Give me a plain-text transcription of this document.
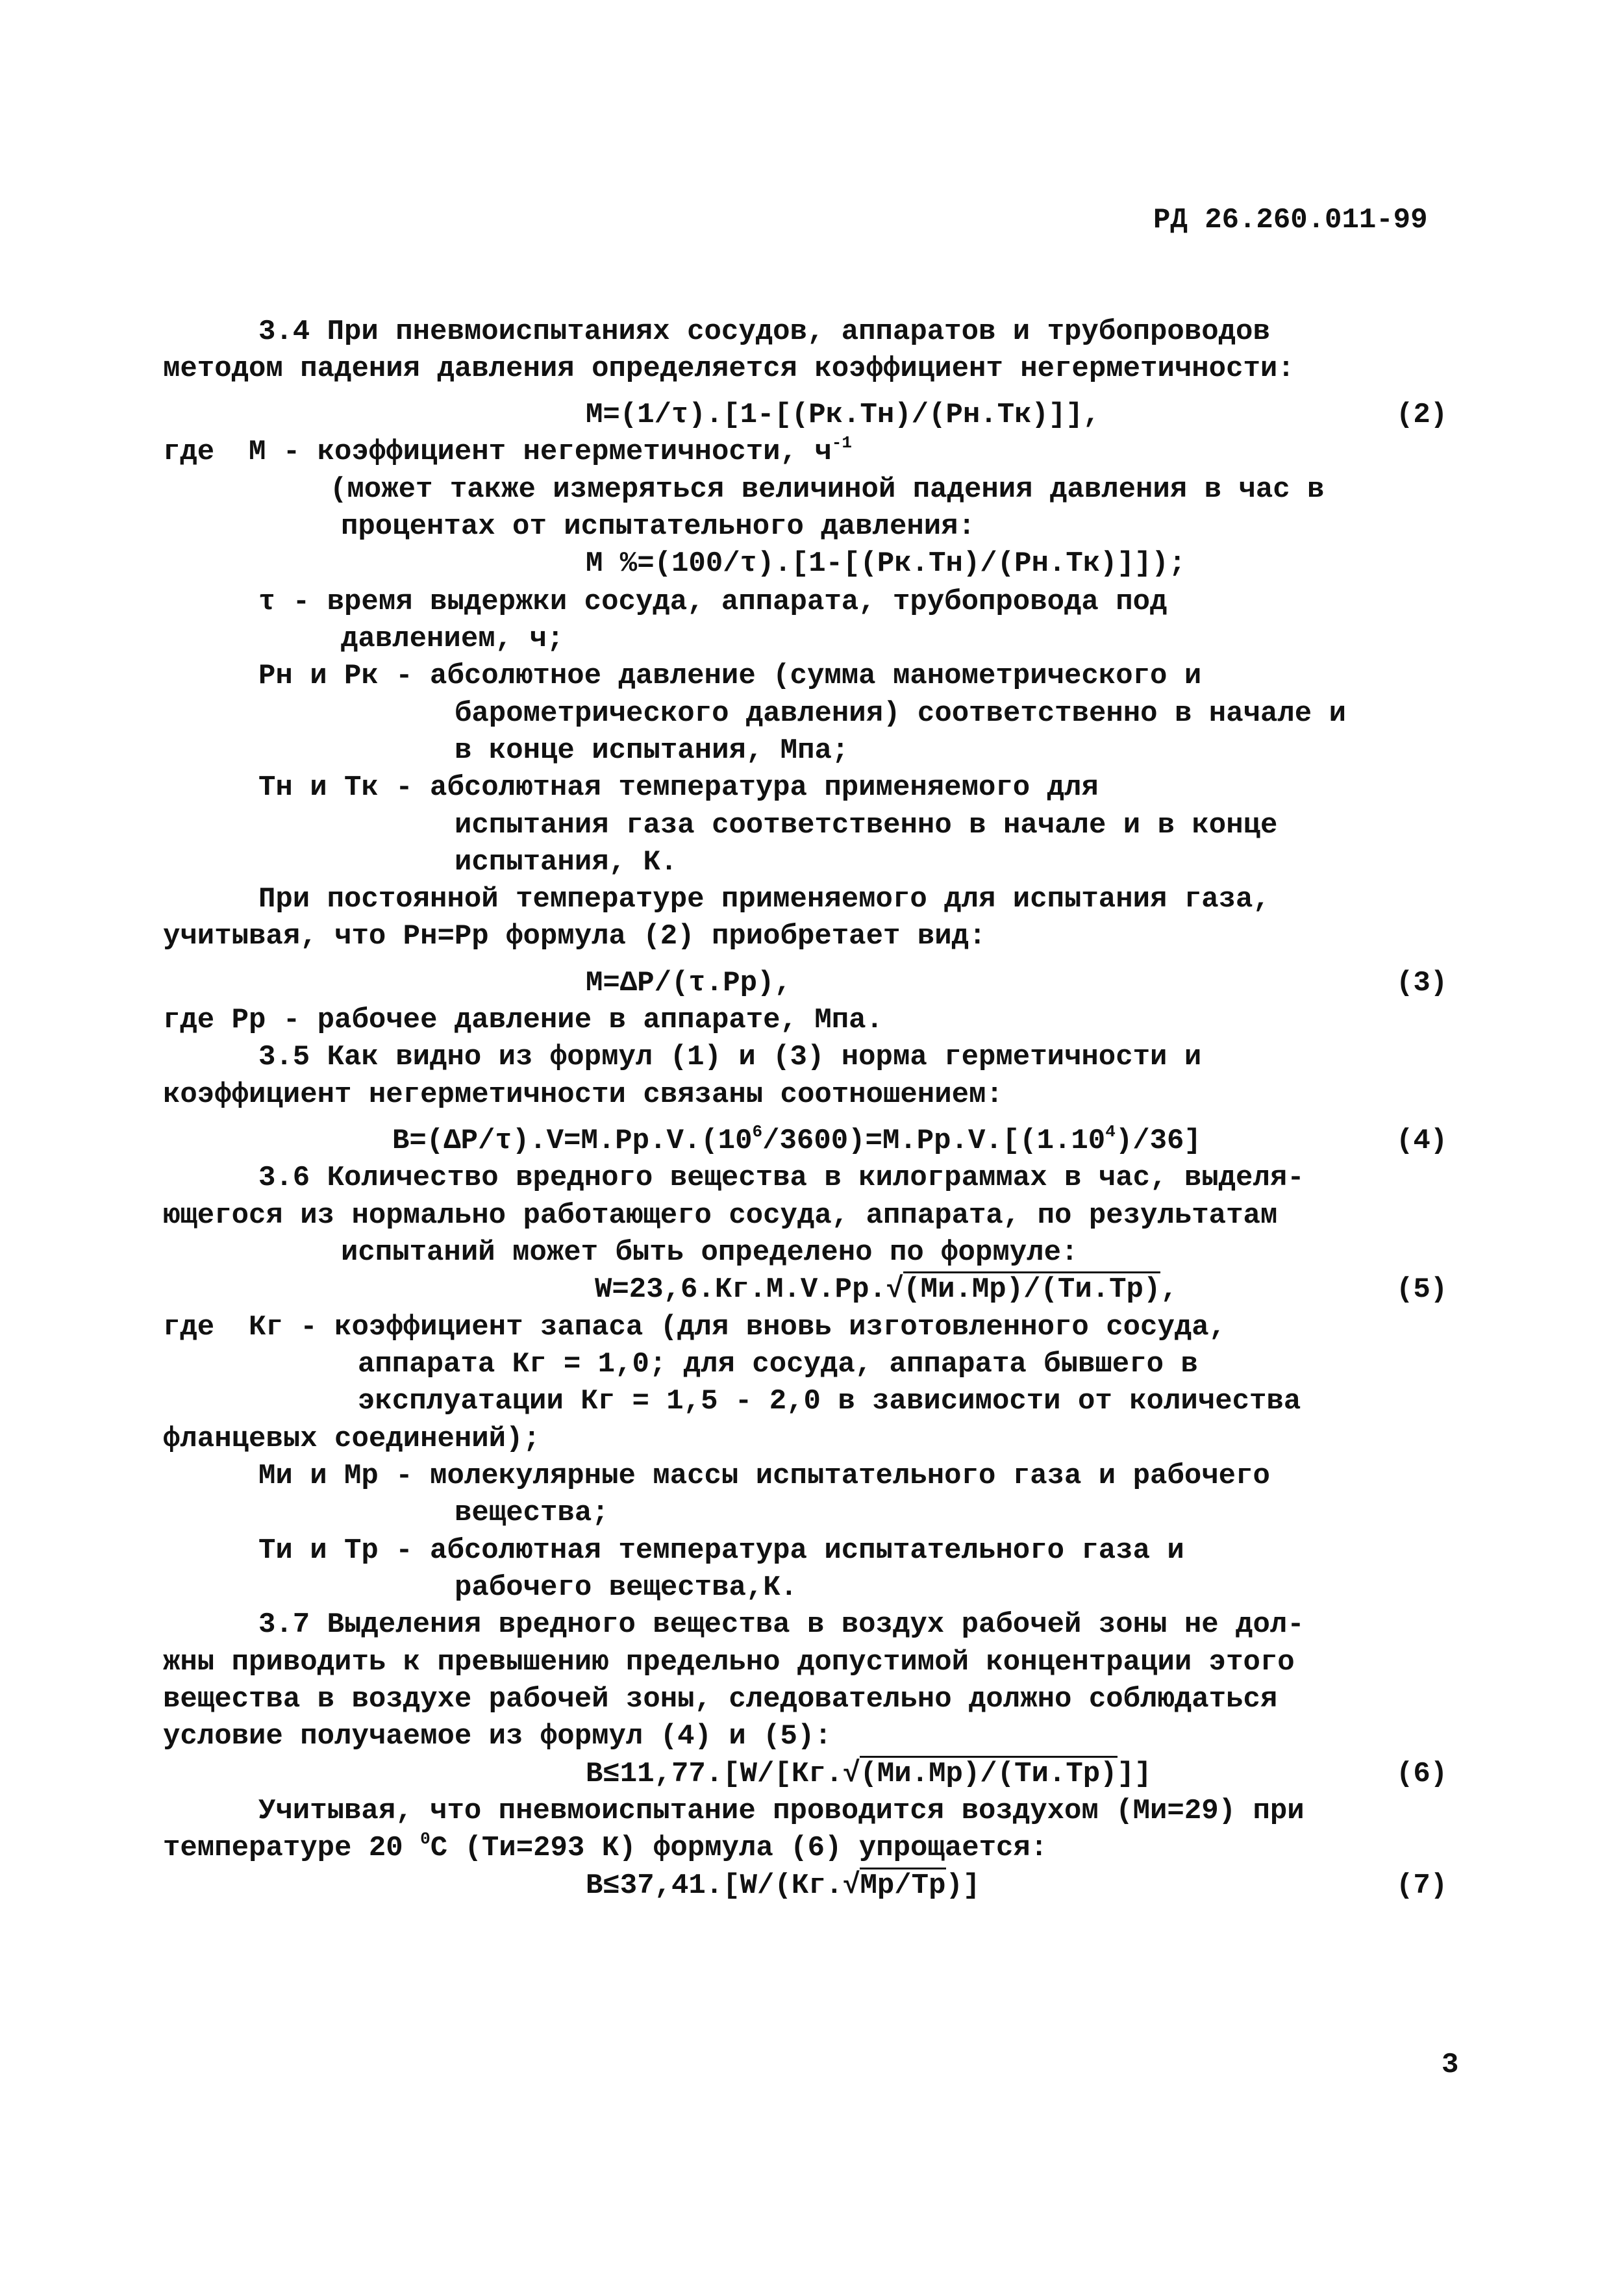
РД 26.260.011-99
3.4 При пневмоиспытаниях сосудов, аппаратов и трубопроводов
методом падения давления определяется коэффициент негерметичности:
М=(1/τ).[1-[(Рк.Тн)/(Рн.Тк)]],	(2)
где  М - коэффициент негерметичности, $ч^{-1}$
(может также измеряться величиной падения давления в час в
процентах от испытательного давления:
М %=(100/τ).[1-[(Рк.Тн)/(Рн.Тк)]]);
τ - время выдержки сосуда, аппарата, трубопровода под
давлением, ч;
Рн и Рк - абсолютное давление (сумма манометрического и
барометрического давления) соответственно в начале и
в конце испытания, Мпа;
Тн и Тк - абсолютная температура применяемого для
испытания газа соответственно в начале и в конце
испытания, К.
При постоянной температуре применяемого для испытания газа,
учитывая, что Рн=Рр формула (2) приобретает вид:
М=ΔР/(τ.Рр),	(3)
где Рр - рабочее давление в аппарате, Мпа.
3.5 Как видно из формул (1) и (3) норма герметичности и
коэффициент негерметичности связаны соотношением:
$В=(\Delta Р/\tau).V=М.Рр.V.(10^6/3600)=М.Рр.V.[(1.10^4)/36]$	(4)
3.6 Количество вредного вещества в килограммах в час, выделя-
ющегося из нормально работающего сосуда, аппарата, по результатам
испытаний может быть определено по формуле:
W=23,6.Кг.М.V.Рр.√(Ми.Мр)/(Ти.Тр),	(5)
где  Кг - коэффициент запаса (для вновь изготовленного сосуда,
аппарата Кг = 1,0; для сосуда, аппарата бывшего в
эксплуатации Кг = 1,5 - 2,0 в зависимости от количества
фланцевых соединений);
Ми и Мр - молекулярные массы испытательного газа и рабочего
вещества;
Ти и Тр - абсолютная температура испытательного газа и
рабочего вещества,К.
3.7 Выделения вредного вещества в воздух рабочей зоны не дол-
жны приводить к превышению предельно допустимой концентрации этого
вещества в воздухе рабочей зоны, следовательно должно соблюдаться
условие получаемое из формул (4) и (5):
В≤11,77.[W/[Кг.√(Ми.Мр)/(Ти.Тр)]]	(6)
Учитывая, что пневмоиспытание проводится воздухом (Ми=29) при
температуре 20 $^0$С (Ти=293 К) формула (6) упрощается:
В≤37,41.[W/(Кг.√Мр/Тр)]	(7)
3
